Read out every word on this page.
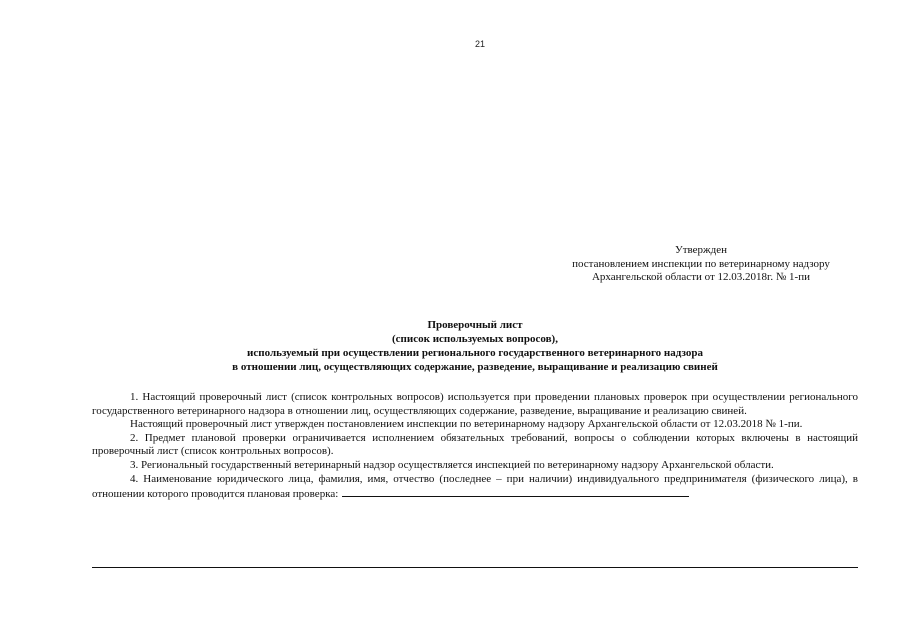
21
Утвержден
постановлением инспекции по ветеринарному надзору
Архангельской области от 12.03.2018г. № 1-пи
Проверочный лист
(список используемых вопросов),
используемый при осуществлении регионального государственного ветеринарного надзора
в отношении лиц, осуществляющих содержание, разведение, выращивание и реализацию свиней

1. Настоящий проверочный лист (список контрольных вопросов) используется при проведении плановых проверок при осуществлении регионального государственного ветеринарного надзора в отношении лиц, осуществляющих содержание, разведение, выращивание и реализацию свиней.

Настоящий проверочный лист утвержден постановлением инспекции по ветеринарному надзору Архангельской области от 12.03.2018 № 1-пи.

2. Предмет плановой проверки ограничивается исполнением обязательных требований, вопросы о соблюдении которых включены в настоящий проверочный лист (список контрольных вопросов).

3. Региональный государственный ветеринарный надзор осуществляется инспекцией по ветеринарному надзору Архангельской области.

4. Наименование юридического лица, фамилия, имя, отчество (последнее – при наличии) индивидуального предпринимателя (физического лица), в отношении которого проводится плановая проверка:
